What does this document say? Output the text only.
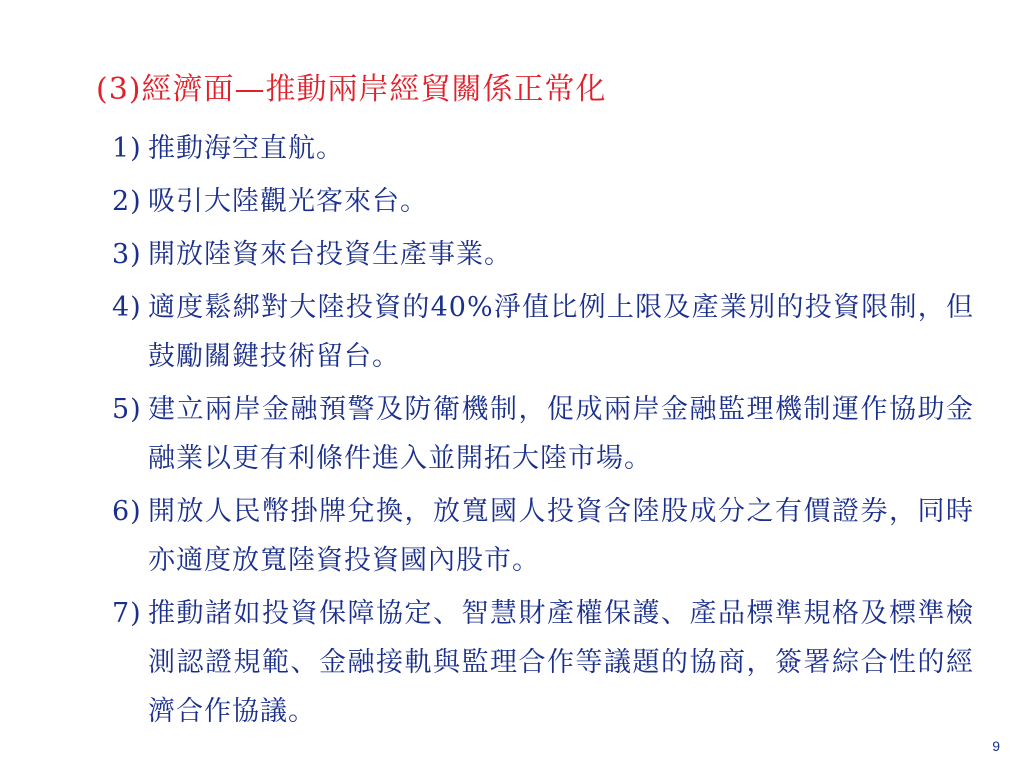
(3)經濟面—推動兩岸經貿關係正常化
1) 推動海空直航。
2) 吸引大陸觀光客來台。
3) 開放陸資來台投資生產事業。
4) 適度鬆綁對大陸投資的40%淨值比例上限及產業別的投資限制，但鼓勵關鍵技術留台。
5) 建立兩岸金融預警及防衛機制，促成兩岸金融監理機制運作協助金融業以更有利條件進入並開拓大陸市場。
6) 開放人民幣掛牌兌換，放寬國人投資含陸股成分之有價證券，同時亦適度放寬陸資投資國內股市。
7) 推動諸如投資保障協定、智慧財產權保護、產品標準規格及標準檢測認證規範、金融接軌與監理合作等議題的協商，簽署綜合性的經濟合作協議。
9
